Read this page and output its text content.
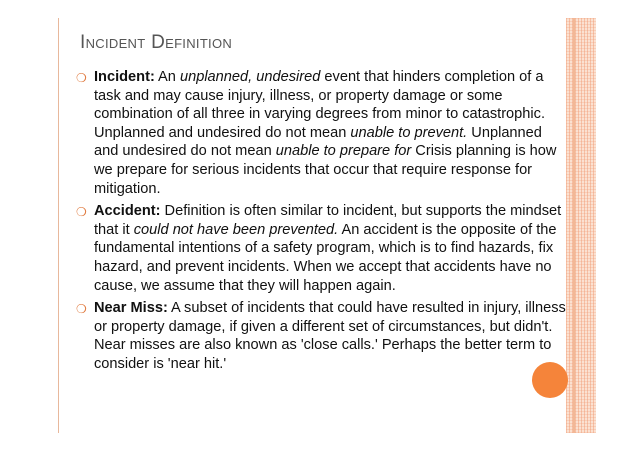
Incident Definition
❍ Incident: An unplanned, undesired event that hinders completion of a task and may cause injury, illness, or property damage or some combination of all three in varying degrees from minor to catastrophic. Unplanned and undesired do not mean unable to prevent. Unplanned and undesired do not mean unable to prepare for Crisis planning is how we prepare for serious incidents that occur that require response for mitigation.

❍ Accident: Definition is often similar to incident, but supports the mindset that it could not have been prevented. An accident is the opposite of the fundamental intentions of a safety program, which is to find hazards, fix hazard, and prevent incidents. When we accept that accidents have no cause, we assume that they will happen again.

❍ Near Miss: A subset of incidents that could have resulted in injury, illness or property damage, if given a different set of circumstances, but didn't. Near misses are also known as 'close calls.' Perhaps the better term to consider is 'near hit.'
